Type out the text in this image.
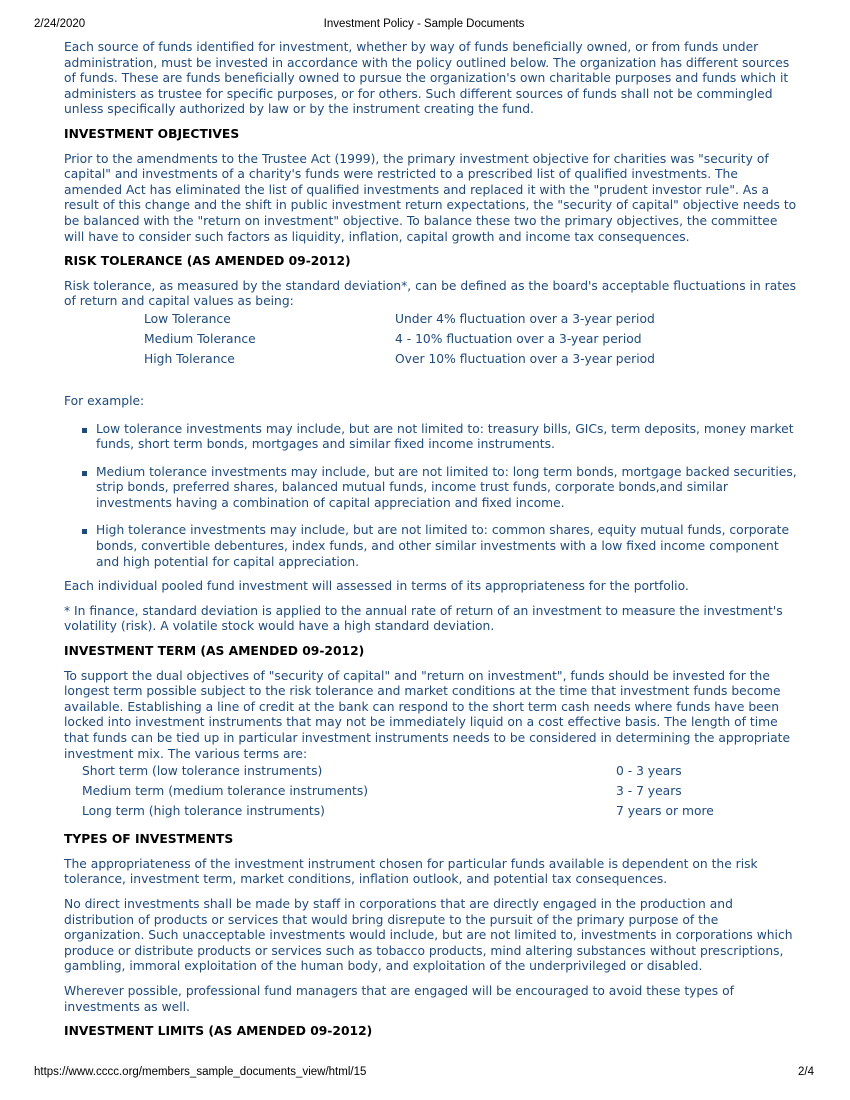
2/24/2020	Investment Policy - Sample Documents

Each source of funds identified for investment, whether by way of funds beneficially owned, or from funds under administration, must be invested in accordance with the policy outlined below. The organization has different sources of funds. These are funds beneficially owned to pursue the organization's own charitable purposes and funds which it administers as trustee for specific purposes, or for others. Such different sources of funds shall not be commingled unless specifically authorized by law or by the instrument creating the fund.

INVESTMENT OBJECTIVES

Prior to the amendments to the Trustee Act (1999), the primary investment objective for charities was "security of capital" and investments of a charity's funds were restricted to a prescribed list of qualified investments. The amended Act has eliminated the list of qualified investments and replaced it with the "prudent investor rule". As a result of this change and the shift in public investment return expectations, the "security of capital" objective needs to be balanced with the "return on investment" objective. To balance these two the primary objectives, the committee will have to consider such factors as liquidity, inflation, capital growth and income tax consequences.

RISK TOLERANCE (AS AMENDED 09-2012)

Risk tolerance, as measured by the standard deviation*, can be defined as the board's acceptable fluctuations in rates of return and capital values as being:

Low Tolerance	Under 4% fluctuation over a 3-year period
Medium Tolerance	4 - 10% fluctuation over a 3-year period
High Tolerance	Over 10% fluctuation over a 3-year period

For example:

Low tolerance investments may include, but are not limited to: treasury bills, GICs, term deposits, money market funds, short term bonds, mortgages and similar fixed income instruments.
Medium tolerance investments may include, but are not limited to: long term bonds, mortgage backed securities, strip bonds, preferred shares, balanced mutual funds, income trust funds, corporate bonds,and similar investments having a combination of capital appreciation and fixed income.
High tolerance investments may include, but are not limited to: common shares, equity mutual funds, corporate bonds, convertible debentures, index funds, and other similar investments with a low fixed income component and high potential for capital appreciation.

Each individual pooled fund investment will assessed in terms of its appropriateness for the portfolio.

* In finance, standard deviation is applied to the annual rate of return of an investment to measure the investment's volatility (risk). A volatile stock would have a high standard deviation.

INVESTMENT TERM (AS AMENDED 09-2012)

To support the dual objectives of "security of capital" and "return on investment", funds should be invested for the longest term possible subject to the risk tolerance and market conditions at the time that investment funds become available. Establishing a line of credit at the bank can respond to the short term cash needs where funds have been locked into investment instruments that may not be immediately liquid on a cost effective basis. The length of time that funds can be tied up in particular investment instruments needs to be considered in determining the appropriate investment mix. The various terms are:

Short term (low tolerance instruments)	0 - 3 years
Medium term (medium tolerance instruments)	3 - 7 years
Long term (high tolerance instruments)	7 years or more
TYPES OF INVESTMENTS

The appropriateness of the investment instrument chosen for particular funds available is dependent on the risk tolerance, investment term, market conditions, inflation outlook, and potential tax consequences.

No direct investments shall be made by staff in corporations that are directly engaged in the production and distribution of products or services that would bring disrepute to the pursuit of the primary purpose of the organization. Such unacceptable investments would include, but are not limited to, investments in corporations which produce or distribute products or services such as tobacco products, mind altering substances without prescriptions, gambling, immoral exploitation of the human body, and exploitation of the underprivileged or disabled.

Wherever possible, professional fund managers that are engaged will be encouraged to avoid these types of investments as well.

INVESTMENT LIMITS (AS AMENDED 09-2012)
https://www.cccc.org/members_sample_documents_view/html/15	2/4
